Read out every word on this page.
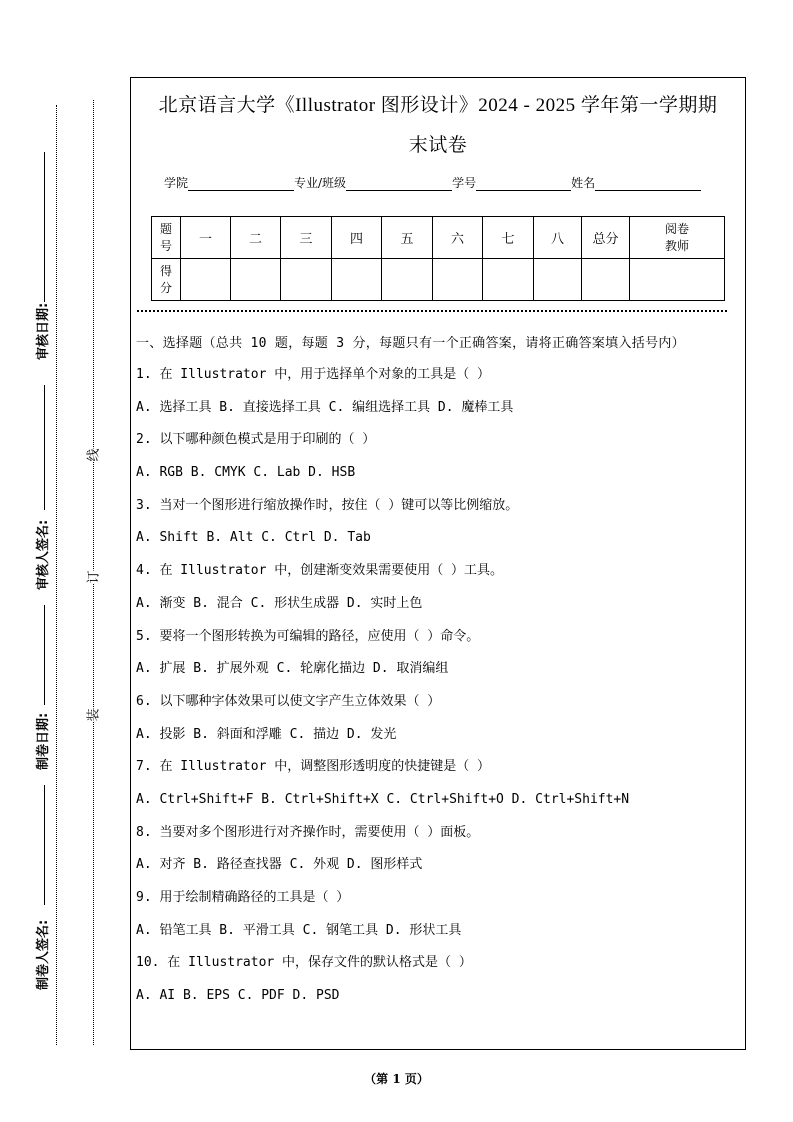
审核日期:
审核人签名:
制卷日期:
制卷人签名:
线
订
装
北京语言大学《Illustrator 图形设计》2024 - 2025 学年第一学期期
末试卷
学院	专业/班级	学号	姓名
题号	一	二	三	四	五	六	七	八	总分	阅卷教师
得分										
一、选择题（总共 10 题，每题 3 分，每题只有一个正确答案，请将正确答案填入括号内）
1. 在 Illustrator 中，用于选择单个对象的工具是（ ）
A. 选择工具 B. 直接选择工具 C. 编组选择工具 D. 魔棒工具
2. 以下哪种颜色模式是用于印刷的（ ）
A. RGB B. CMYK C. Lab D. HSB
3. 当对一个图形进行缩放操作时，按住（ ）键可以等比例缩放。
A. Shift B. Alt C. Ctrl D. Tab
4. 在 Illustrator 中，创建渐变效果需要使用（ ）工具。
A. 渐变 B. 混合 C. 形状生成器 D. 实时上色
5. 要将一个图形转换为可编辑的路径，应使用（ ）命令。
A. 扩展 B. 扩展外观 C. 轮廓化描边 D. 取消编组
6. 以下哪种字体效果可以使文字产生立体效果（ ）
A. 投影 B. 斜面和浮雕 C. 描边 D. 发光
7. 在 Illustrator 中，调整图形透明度的快捷键是（ ）
A. Ctrl+Shift+F B. Ctrl+Shift+X C. Ctrl+Shift+O D. Ctrl+Shift+N
8. 当要对多个图形进行对齐操作时，需要使用（ ）面板。
A. 对齐 B. 路径查找器 C. 外观 D. 图形样式
9. 用于绘制精确路径的工具是（ ）
A. 铅笔工具 B. 平滑工具 C. 钢笔工具 D. 形状工具
10. 在 Illustrator 中，保存文件的默认格式是（ ）
A. AI B. EPS C. PDF D. PSD
（第 1 页）
